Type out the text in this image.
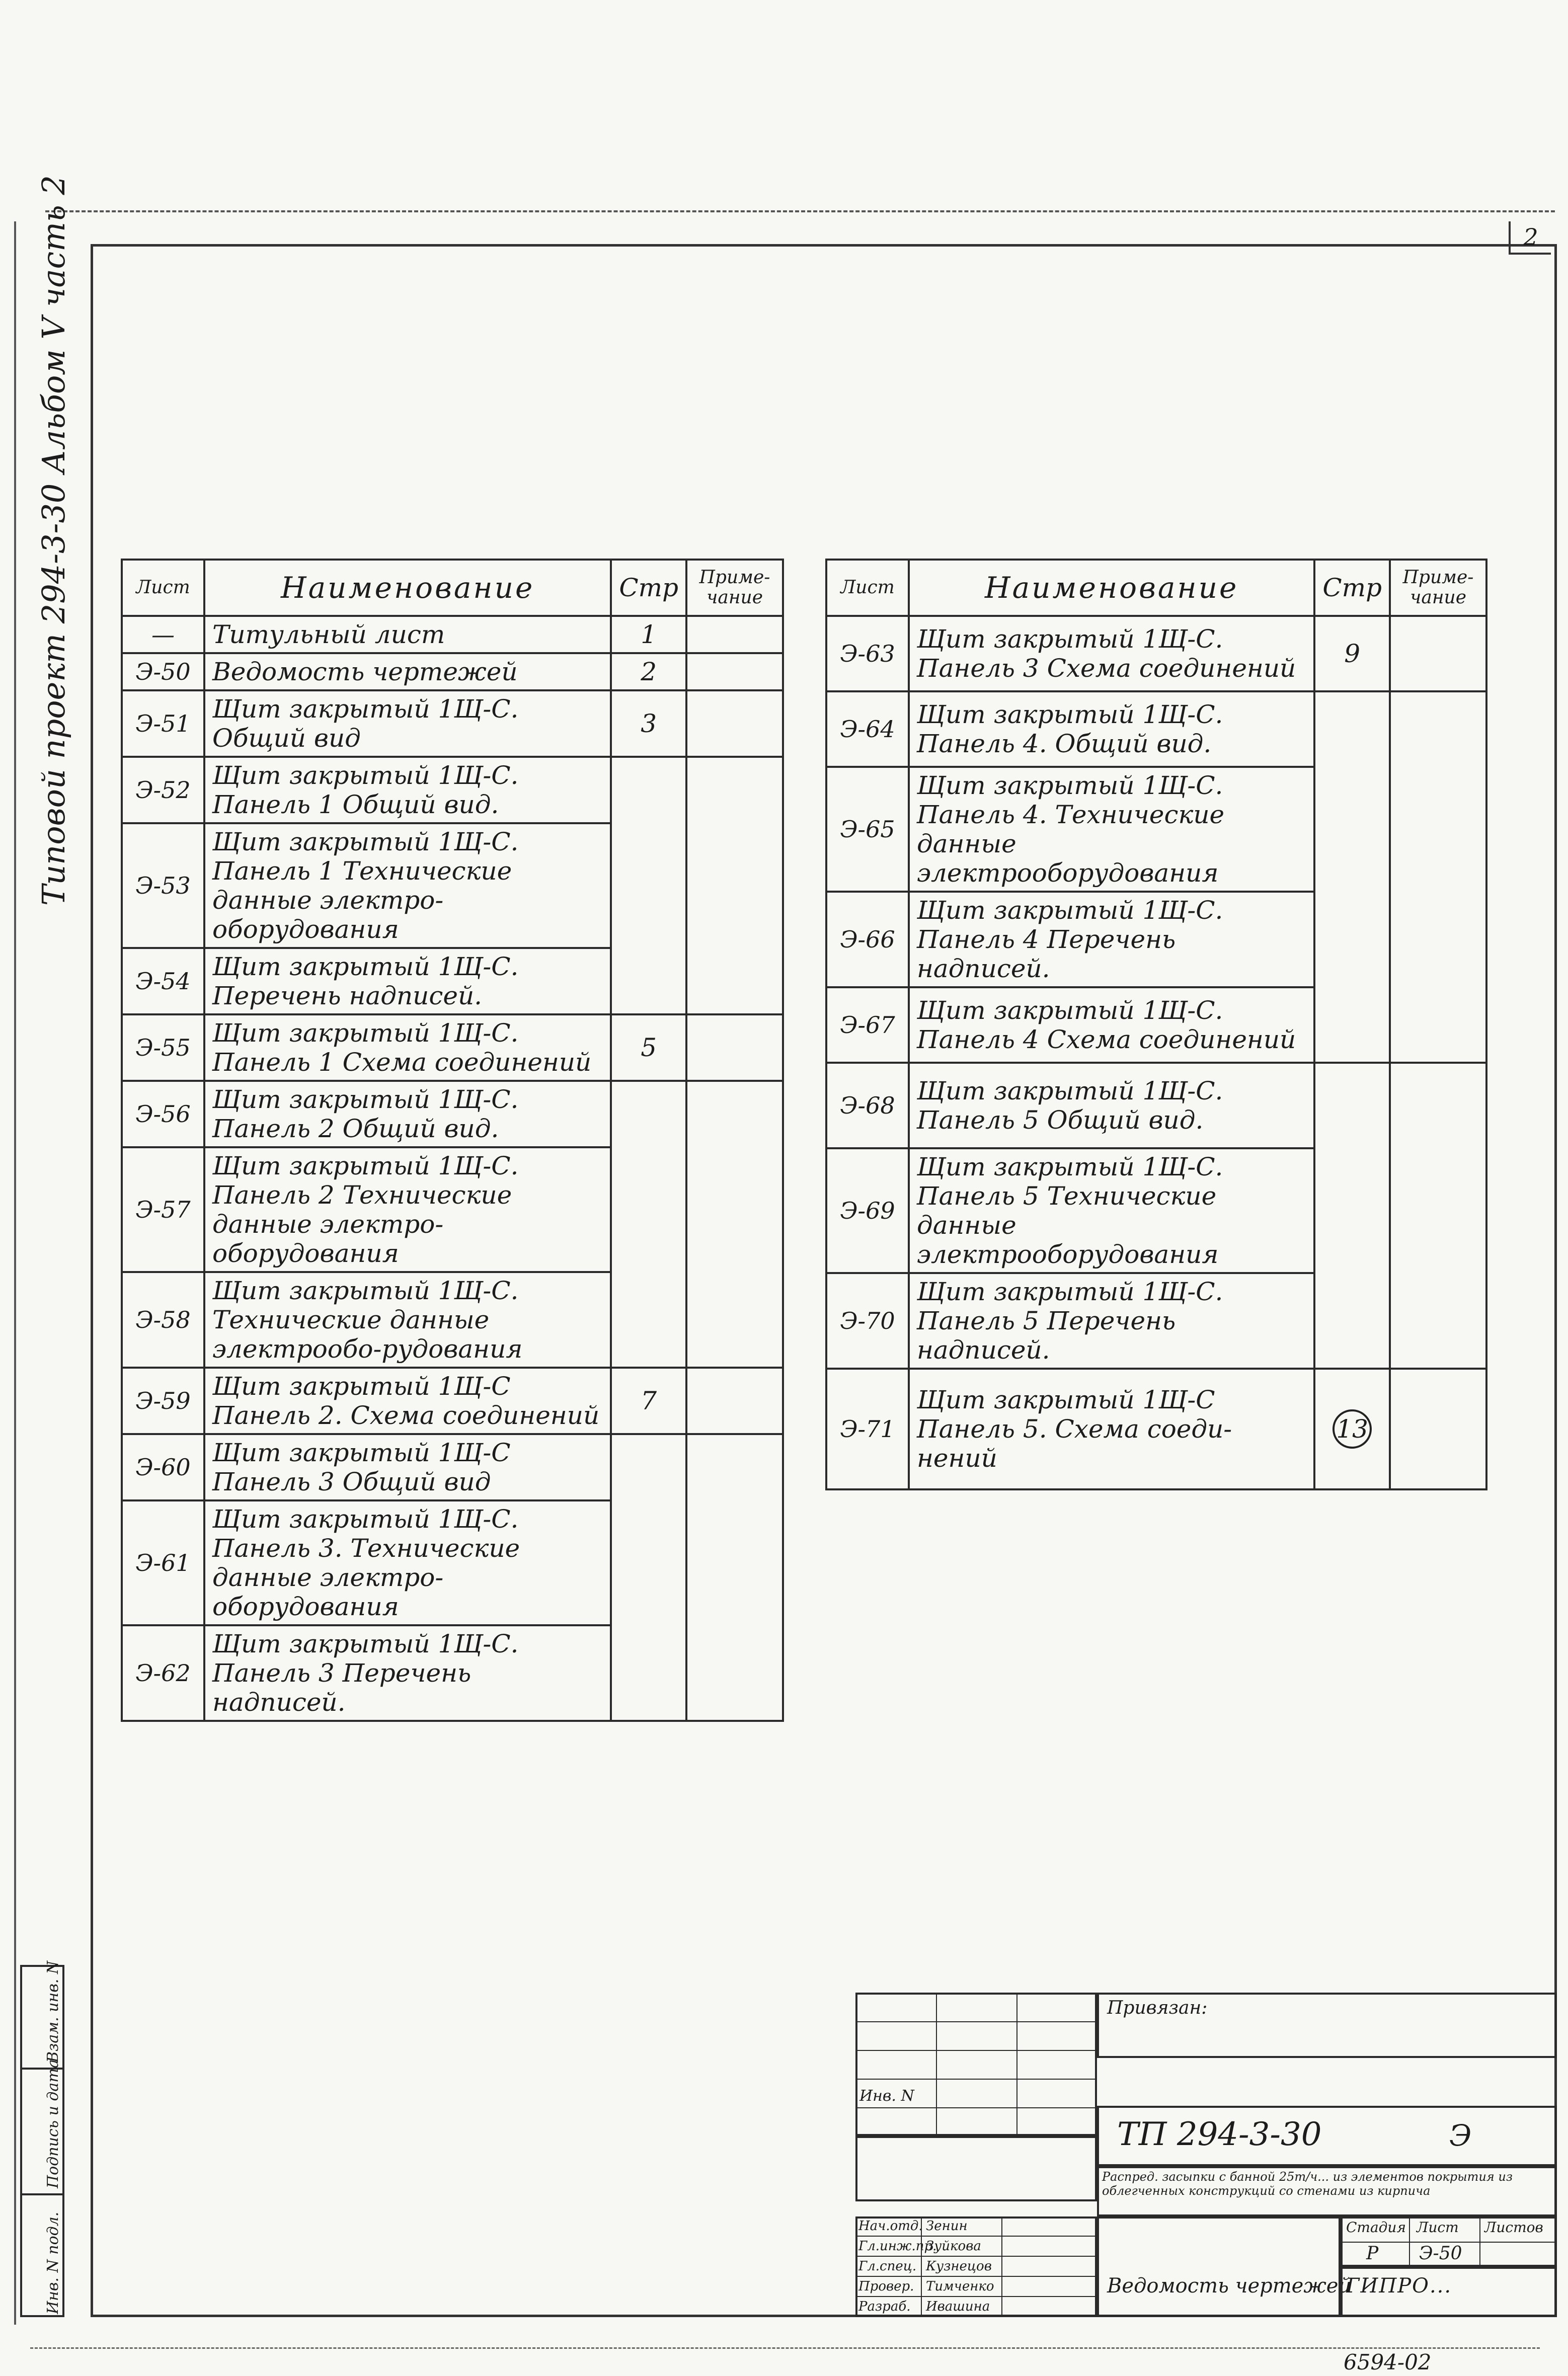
2
Типовой проект 294-3-30 Альбом V часть 2	Лист	Наименование	Стр	Приме-чание
—	Титульный лист	1	
Э-50	Ведомость чертежей	2	
Э-51	Щит закрытый 1Щ-С. Общий вид	3	
Э-52	Щит закрытый 1Щ-С. Панель 1 Общий вид.		
Э-53	Щит закрытый 1Щ-С. Панель 1 Технические данные электро-оборудования		
Э-54	Щит закрытый 1Щ-С. Перечень надписей.		
Э-55	Щит закрытый 1Щ-С. Панель 1 Схема соединений	5	
Э-56	Щит закрытый 1Щ-С. Панель 2 Общий вид.		
Э-57	Щит закрытый 1Щ-С. Панель 2 Технические данные электро-оборудования		
Э-58	Щит закрытый 1Щ-С. Технические данные электрообо-рудования		
Э-59	Щит закрытый 1Щ-С Панель 2. Схема соединений	7	
Э-60	Щит закрытый 1Щ-С Панель 3 Общий вид		
Э-61	Щит закрытый 1Щ-С. Панель 3. Технические данные электро-оборудования		
Э-62	Щит закрытый 1Щ-С. Панель 3 Перечень надписей.		
Лист	Наименование	Стр	Приме-чание
Э-63	Щит закрытый 1Щ-С. Панель 3 Схема соединений	9	
Э-64	Щит закрытый 1Щ-С. Панель 4. Общий вид.		
Э-65	Щит закрытый 1Щ-С. Панель 4. Технические данные электрооборудования		
Э-66	Щит закрытый 1Щ-С. Панель 4 Перечень надписей.		
Э-67	Щит закрытый 1Щ-С. Панель 4 Схема соединений		
Э-68	Щит закрытый 1Щ-С. Панель 5 Общий вид.		
Э-69	Щит закрытый 1Щ-С. Панель 5 Технические данные электрооборудования		
Э-70	Щит закрытый 1Щ-С. Панель 5 Перечень надписей.		
Э-71	Щит закрытый 1Щ-С Панель 5. Схема соеди-нений	13	
Взам. инв. N
Подпись и дата
Инв. N подл.
Привязан:
Инв. N
ТП 294-3-30	Э
Распред. засыпки с банной 25т/ч... из элементов покрытия из облегченных конструкций со стенами из кирпича
Нач.отд. Зенин
Гл.инж.пр.
Зуйкова
Гл.спец. Кузнецов
Провер. Тимченко
Разраб. Ивашина
Ведомость чертежей
Стадия Лист Листов
Р Э-50
ГИПРО...
6594-02
